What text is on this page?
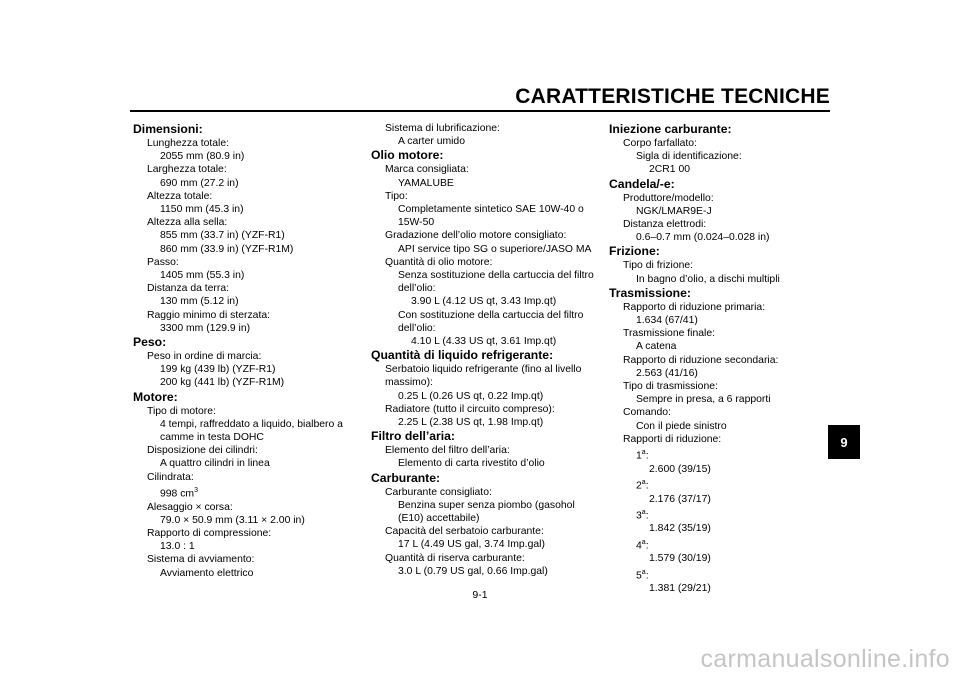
CARATTERISTICHE TECNICHE
Dimensioni:
Lunghezza totale:
2055 mm (80.9 in)
Larghezza totale:
690 mm (27.2 in)
Altezza totale:
1150 mm (45.3 in)
Altezza alla sella:
855 mm (33.7 in) (YZF-R1)
860 mm (33.9 in) (YZF-R1M)
Passo:
1405 mm (55.3 in)
Distanza da terra:
130 mm (5.12 in)
Raggio minimo di sterzata:
3300 mm (129.9 in)
Peso:
Peso in ordine di marcia:
199 kg (439 lb) (YZF-R1)
200 kg (441 lb) (YZF-R1M)
Motore:
Tipo di motore:
4 tempi, raffreddato a liquido, bialbero a
camme in testa DOHC
Disposizione dei cilindri:
A quattro cilindri in linea
Cilindrata:
998 $cm^3$
Alesaggio × corsa:
79.0 × 50.9 mm (3.11 × 2.00 in)
Rapporto di compressione:
13.0 : 1
Sistema di avviamento:
Avviamento elettrico
Sistema di lubrificazione:
A carter umido
Olio motore:
Marca consigliata:
YAMALUBE
Tipo:
Completamente sintetico SAE 10W-40 o
15W-50
Gradazione dell’olio motore consigliato:
API service tipo SG o superiore/JASO MA
Quantità di olio motore:
Senza sostituzione della cartuccia del filtro
dell’olio:
3.90 L (4.12 US qt, 3.43 Imp.qt)
Con sostituzione della cartuccia del filtro
dell’olio:
4.10 L (4.33 US qt, 3.61 Imp.qt)
Quantità di liquido refrigerante:
Serbatoio liquido refrigerante (fino al livello
massimo):
0.25 L (0.26 US qt, 0.22 Imp.qt)
Radiatore (tutto il circuito compreso):
2.25 L (2.38 US qt, 1.98 Imp.qt)
Filtro dell’aria:
Elemento del filtro dell’aria:
Elemento di carta rivestito d’olio
Carburante:
Carburante consigliato:
Benzina super senza piombo (gasohol
(E10) accettabile)
Capacità del serbatoio carburante:
17 L (4.49 US gal, 3.74 Imp.gal)
Quantità di riserva carburante:
3.0 L (0.79 US gal, 0.66 Imp.gal)
Iniezione carburante:
Corpo farfallato:
Sigla di identificazione:
2CR1 00
Candela/-e:
Produttore/modello:
NGK/LMAR9E-J
Distanza elettrodi:
0.6–0.7 mm (0.024–0.028 in)
Frizione:
Tipo di frizione:
In bagno d’olio, a dischi multipli
Trasmissione:
Rapporto di riduzione primaria:
1.634 (67/41)
Trasmissione finale:
A catena
Rapporto di riduzione secondaria:
2.563 (41/16)
Tipo di trasmissione:
Sempre in presa, a 6 rapporti
Comando:
Con il piede sinistro
Rapporti di riduzione:
1$^a$:
2.600 (39/15)
2$^a$:
2.176 (37/17)
3$^a$:
1.842 (35/19)
4$^a$:
1.579 (30/19)
5$^a$:
1.381 (29/21)
9
9-1
carmanualsonline.info
